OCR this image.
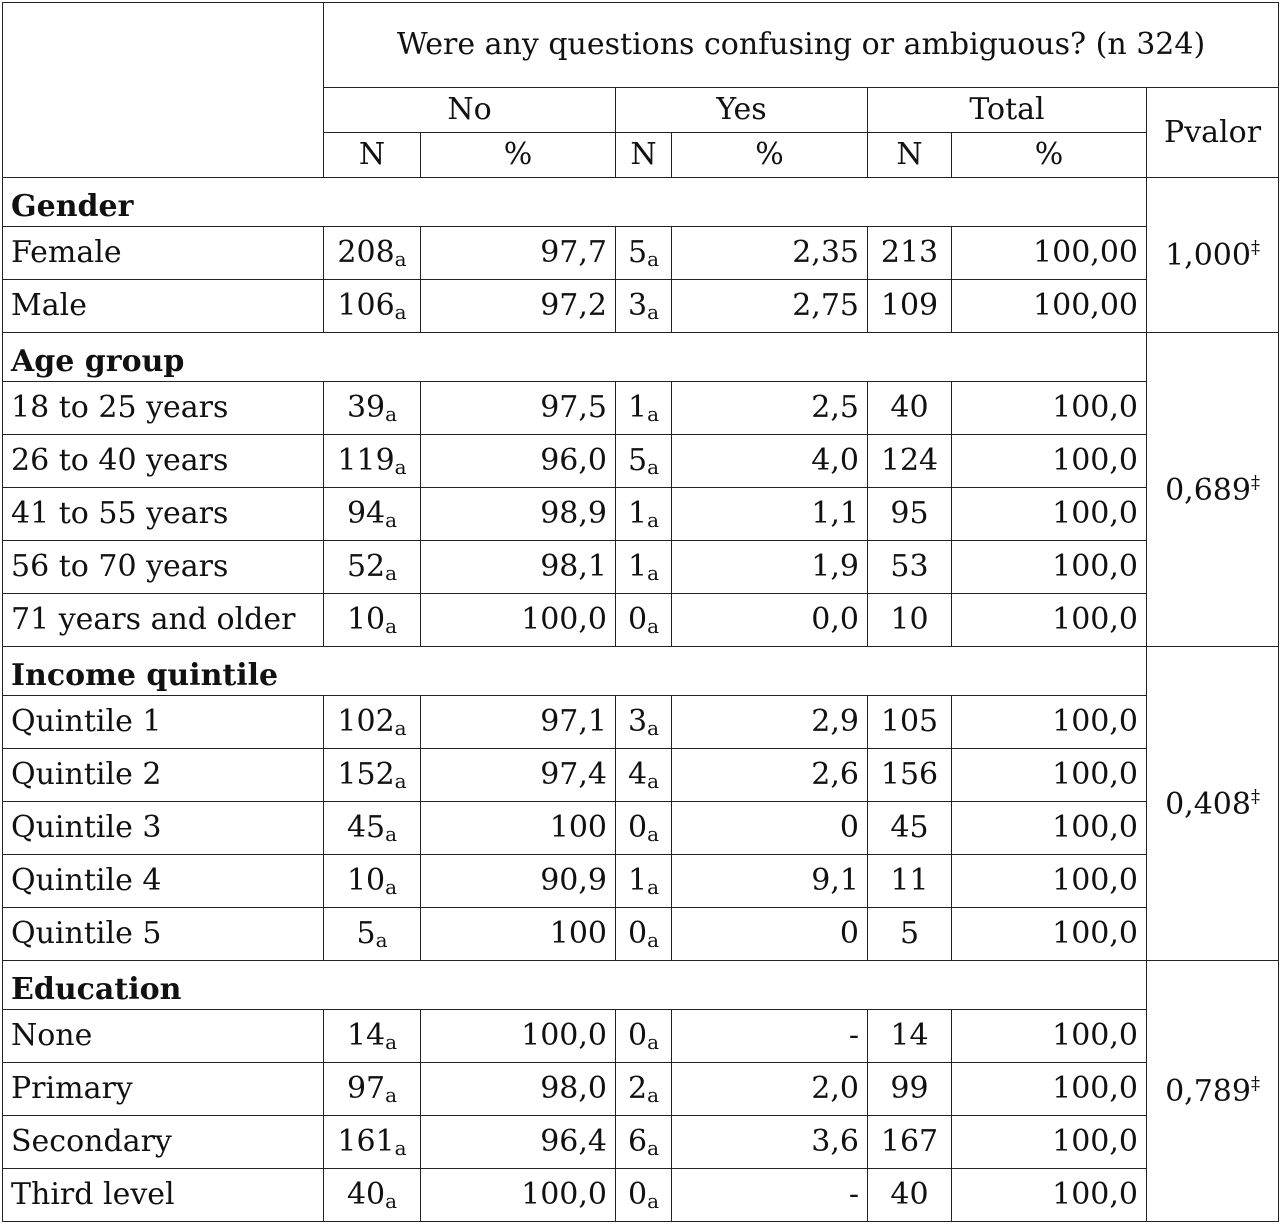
	Were any questions confusing or ambiguous? (n 324)						
	No		Yes		Total		Pvalor
	N	%	N	%	N	%	
Gender							1,000‡
Female	$208_a$	97,7	$5_a$	2,35	213	100,00	
Male	$106_a$	97,2	$3_a$	2,75	109	100,00	
Age group							0,689‡
18 to 25 years	$39_a$	97,5	$1_a$	2,5	40	100,0	
26 to 40 years	$119_a$	96,0	$5_a$	4,0	124	100,0	
41 to 55 years	$94_a$	98,9	$1_a$	1,1	95	100,0	
56 to 70 years	$52_a$	98,1	$1_a$	1,9	53	100,0	
71 years and older	$10_a$	100,0	$0_a$	0,0	10	100,0	
Income quintile							0,408‡
Quintile 1	$102_a$	97,1	$3_a$	2,9	105	100,0	
Quintile 2	$152_a$	97,4	$4_a$	2,6	156	100,0	
Quintile 3	$45_a$	100	$0_a$	0	45	100,0	
Quintile 4	$10_a$	90,9	$1_a$	9,1	11	100,0	
Quintile 5	$5_a$	100	$0_a$	0	5	100,0	
Education							0,789‡
None	$14_a$	100,0	$0_a$	-	14	100,0	
Primary	$97_a$	98,0	$2_a$	2,0	99	100,0	
Secondary	$161_a$	96,4	$6_a$	3,6	167	100,0	
Third level	$40_a$	100,0	$0_a$	-	40	100,0	
